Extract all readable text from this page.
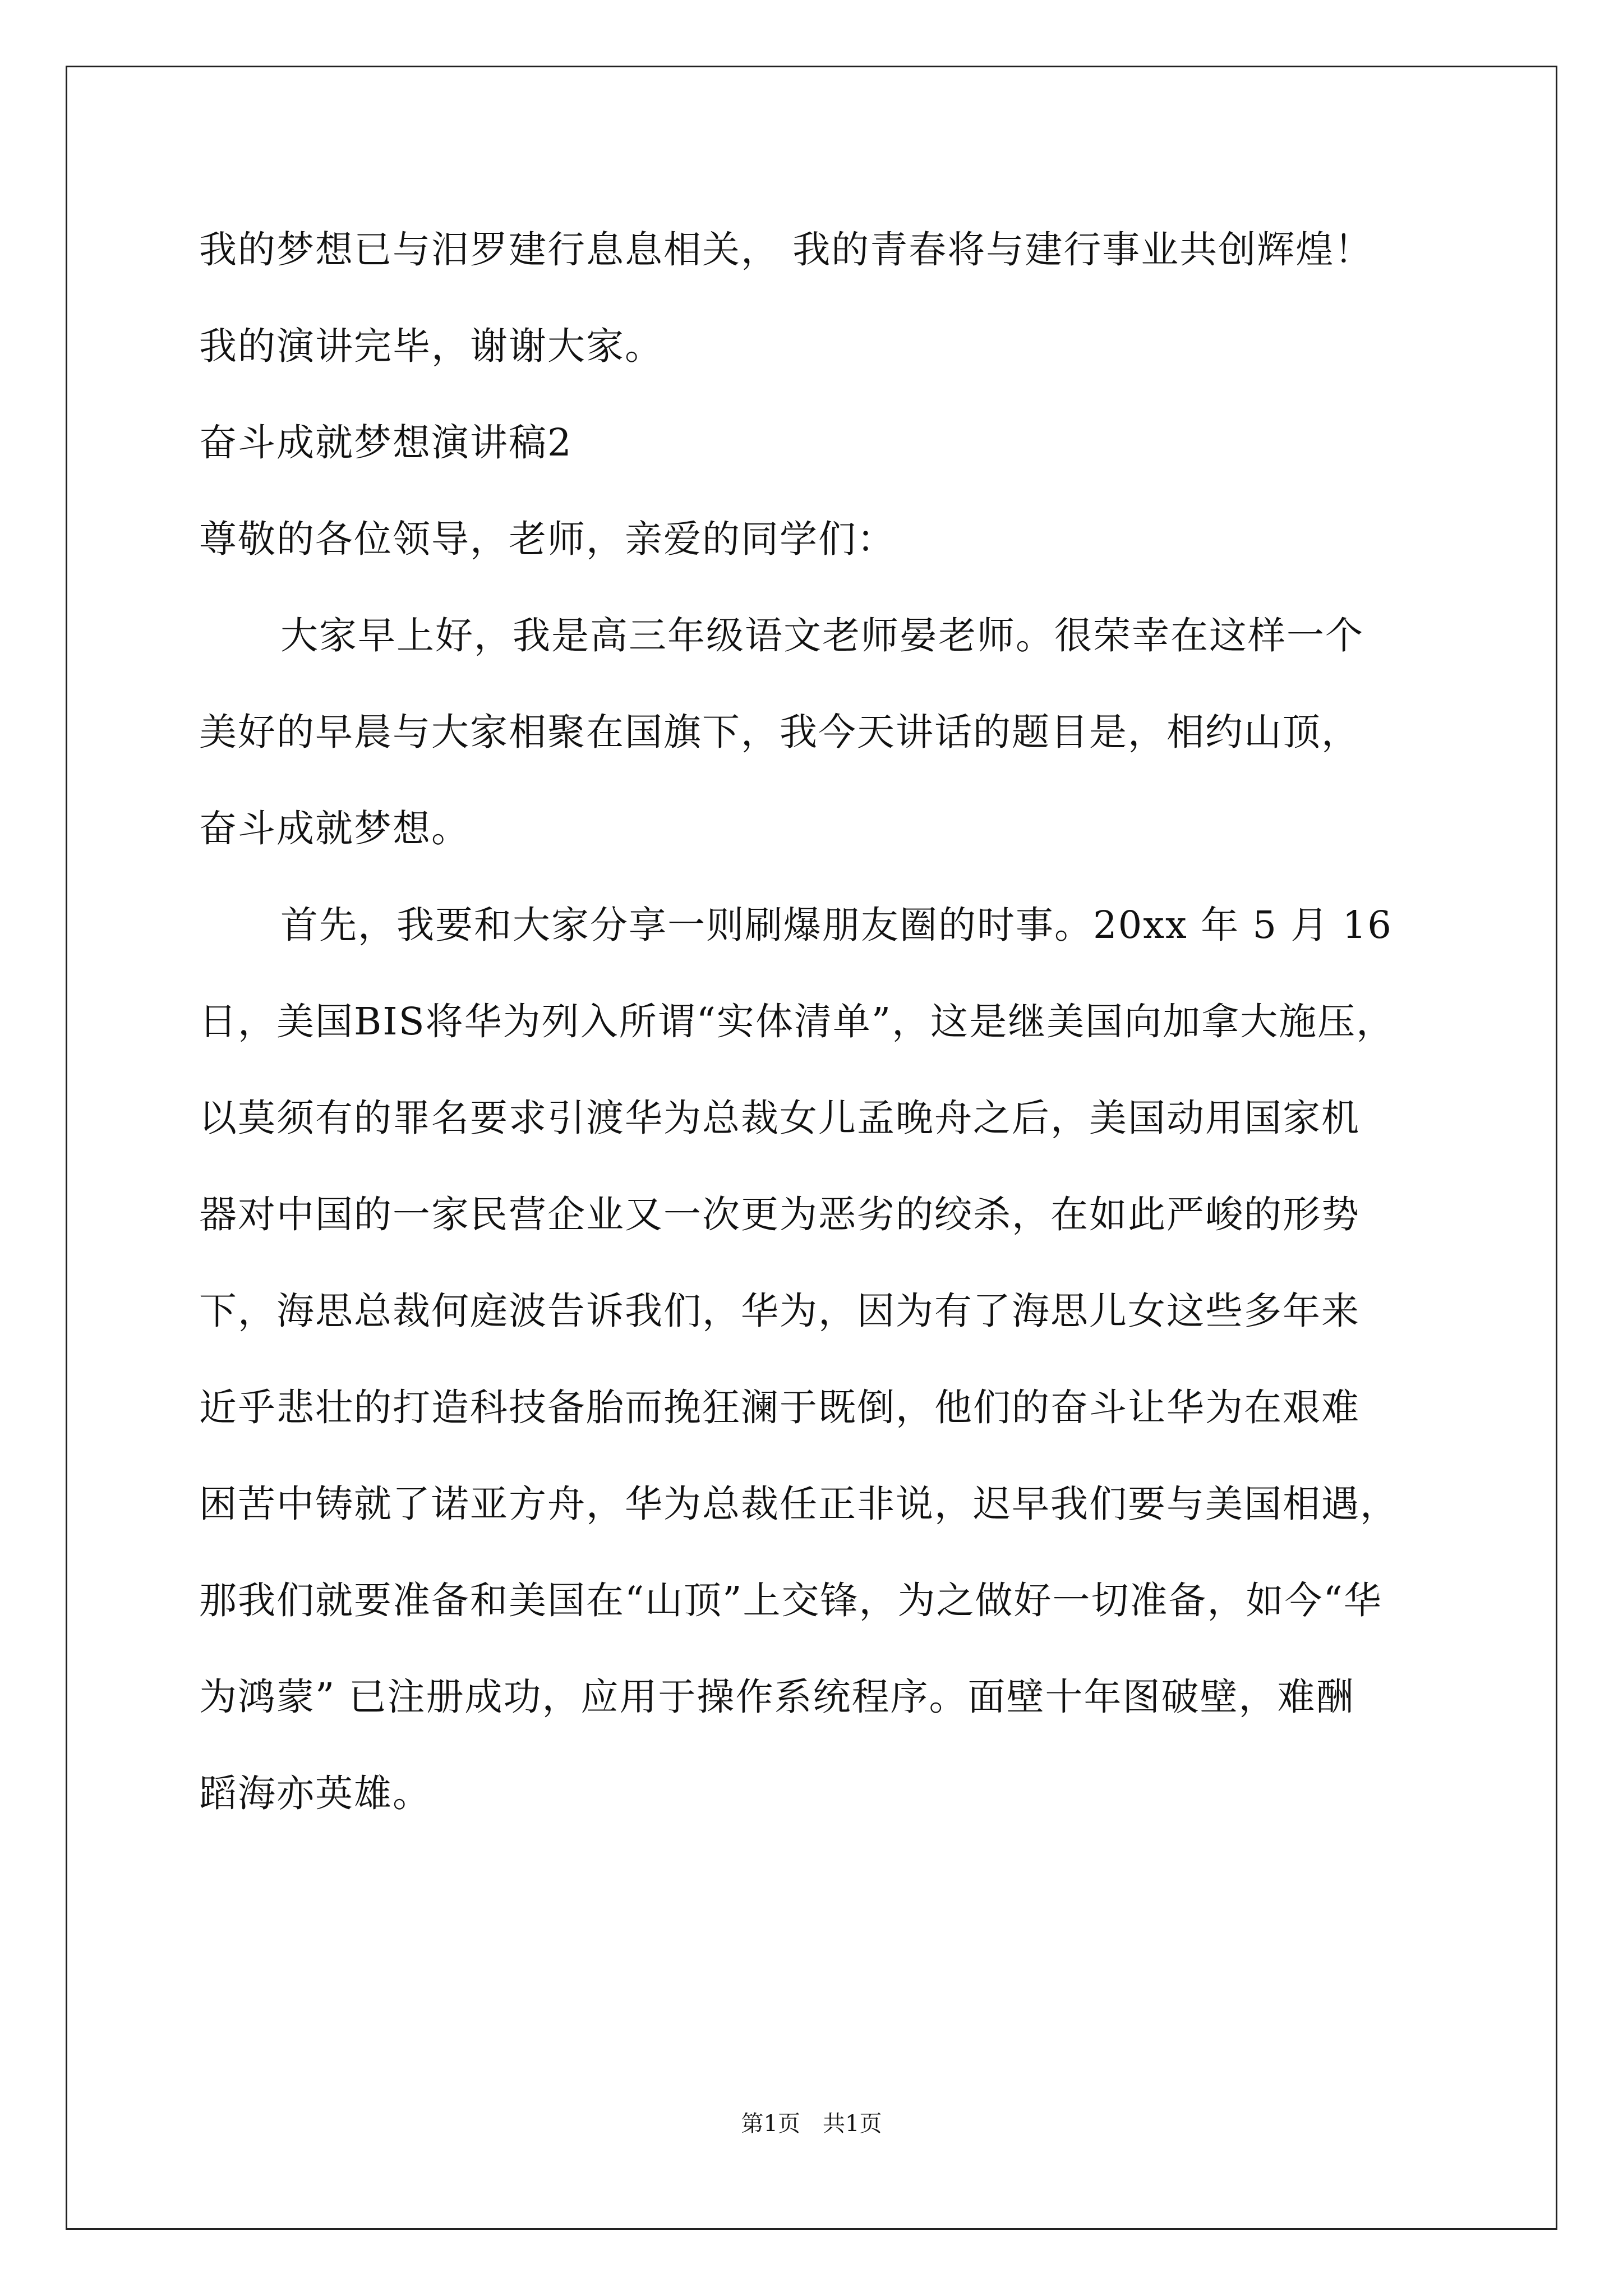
我的梦想已与汨罗建行息息相关， 我的青春将与建行事业共创辉煌！
我的演讲完毕，谢谢大家。
奋斗成就梦想演讲稿2
尊敬的各位领导，老师，亲爱的同学们：
大家早上好，我是高三年级语文老师晏老师。很荣幸在这样一个
美好的早晨与大家相聚在国旗下，我今天讲话的题目是，相约山顶，
奋斗成就梦想。
首先，我要和大家分享一则刷爆朋友圈的时事。20xx 年 5 月 16
日，美国BIS将华为列入所谓“实体清单”，这是继美国向加拿大施压，
以莫须有的罪名要求引渡华为总裁女儿孟晚舟之后，美国动用国家机
器对中国的一家民营企业又一次更为恶劣的绞杀，在如此严峻的形势
下，海思总裁何庭波告诉我们，华为，因为有了海思儿女这些多年来
近乎悲壮的打造科技备胎而挽狂澜于既倒，他们的奋斗让华为在艰难
困苦中铸就了诺亚方舟，华为总裁任正非说，迟早我们要与美国相遇，
那我们就要准备和美国在“山顶”上交锋，为之做好一切准备，如今“华
为鸿蒙” 已注册成功，应用于操作系统程序。面壁十年图破壁，难酬
蹈海亦英雄。
第1页　共1页
